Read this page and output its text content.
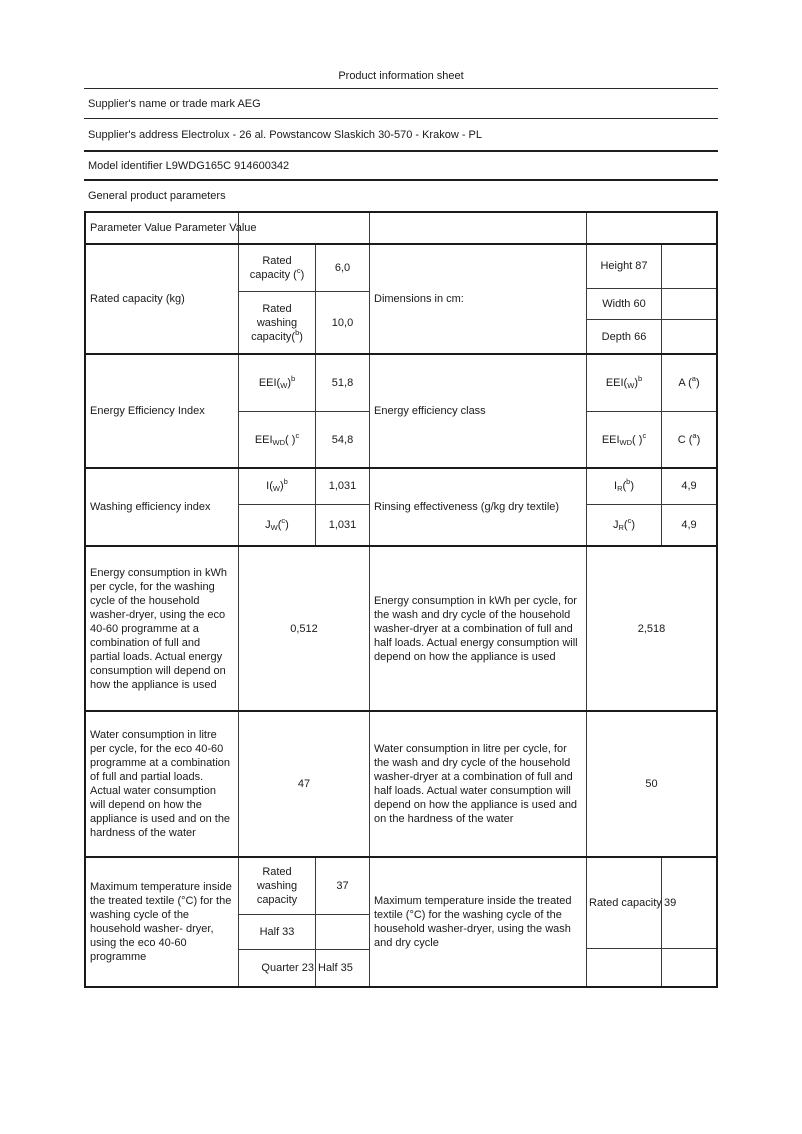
Product information sheet
Supplier's name or trade mark AEG
Supplier's address Electrolux - 26 al. Powstancow Slaskich 30-570 - Krakow - PL
Model identifier L9WDG165C 914600342
General product parameters
Parameter Value Parameter Value
Rated capacity (kg)
Rated capacity ($^c$)
Rated washing capacity($^b$)
6,0
10,0
Dimensions in cm:
Height 87
Width 60
Depth 66
Energy Efficiency Index
$EEI(_W)^b$
$EEI_{WD}$( )$^c$
51,8
54,8
Energy efficiency class
$EEI(_W)^b$
$EEI_{WD}$( )$^c$
A ($^a$)
C ($^a$)
Washing efficiency index
$I(_W)^b$
$J_W(^c)$
1,031
1,031
Rinsing effectiveness (g/kg dry textile)
$I_R(^b)$
$J_R(^c)$
4,9
4,9
Energy consumption in kWh per cycle, for the washing cycle of the household washer-dryer, using the eco 40-60 programme at a combination of full and partial loads. Actual energy consumption will depend on how the appliance is used
0,512
Energy consumption in kWh per cycle, for the wash and dry cycle of the household washer-dryer at a combination of full and half loads. Actual energy consumption will depend on how the appliance is used
2,518
Water consumption in litre per cycle, for the eco 40-60 programme at a combination of full and partial loads. Actual water consumption will depend on how the appliance is used and on the hardness of the water
47
Water consumption in litre per cycle, for the wash and dry cycle of the household washer-dryer at a combination of full and half loads. Actual water consumption will depend on how the appliance is used and on the hardness of the water
50
Maximum temperature inside the treated textile (°C) for the washing cycle of the household washer- dryer, using the eco 40-60 programme
Rated washing capacity
Half 33
Quarter 23
37
Half 35
Maximum temperature inside the treated textile (°C) for the washing cycle of the household washer-dryer, using the wash and dry cycle
Rated capacity 39
